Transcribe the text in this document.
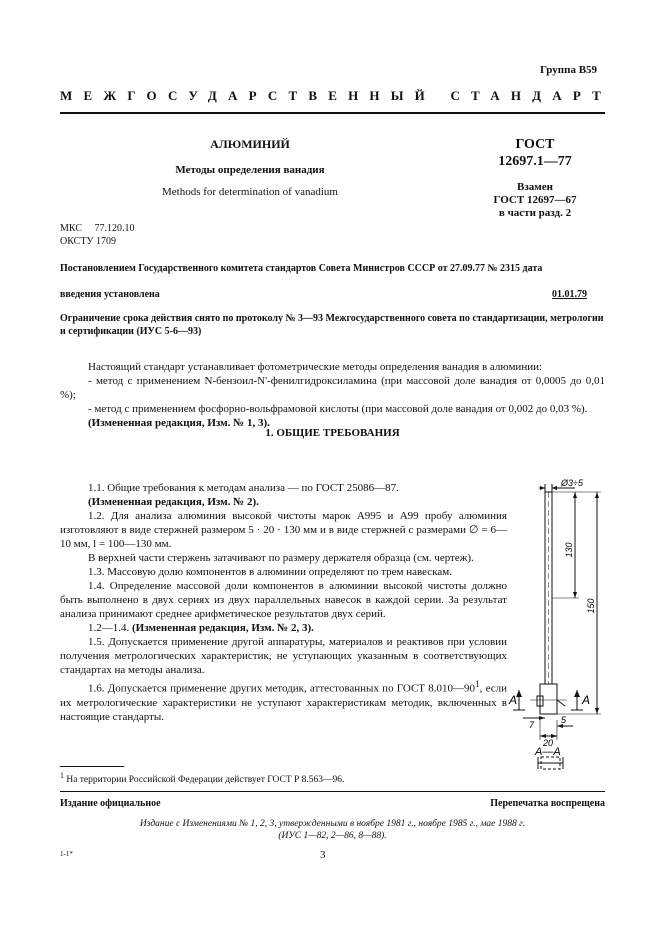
Группа В59
МЕЖГОСУДАРСТВЕННЫЙ СТАНДАРТ
АЛЮМИНИЙ
Методы определения ванадия
Methods for determination of vanadium
ГОСТ
12697.1—77
Взамен
ГОСТ 12697—67
в части разд. 2
МКС 77.120.10
ОКСТУ 1709
Постановлением Государственного комитета стандартов Совета Министров СССР от 27.09.77 № 2315 дата
введения установлена	01.01.79
Ограничение срока действия снято по протоколу № 3—93 Межгосударственного совета по стандартизации, метрологии и сертификации (ИУС 5-6—93)
Настоящий стандарт устанавливает фотометрические методы определения ванадия в алюминии:
- метод с применением N-бензоил-N'-фенилгидроксиламина (при массовой доле ванадия от 0,0005 до 0,01 %);
- метод с применением фосфорно-вольфрамовой кислоты (при массовой доле ванадия от 0,002 до 0,03 %).
(Измененная редакция, Изм. № 1, 3).
1. ОБЩИЕ ТРЕБОВАНИЯ
1.1. Общие требования к методам анализа — по ГОСТ 25086—87.
(Измененная редакция, Изм. № 2).
1.2. Для анализа алюминия высокой чистоты марок А995 и А99 пробу алюминия изготовляют в виде стержней размером 5 · 20 · 130 мм и в виде стержней с размерами ∅ = 6—10 мм, l = 100—130 мм.
В верхней части стержень затачивают по размеру держателя образца (см. чертеж).
1.3. Массовую долю компонентов в алюминии определяют по трем навескам.
1.4. Определение массовой доли компонентов в алюминии высокой чистоты должно быть выполнено в двух сериях из двух параллельных навесок в каждой серии. За результат анализа принимают среднее арифметическое результатов двух серий.
1.2—1.4. (Измененная редакция, Изм. № 2, 3).
1.5. Допускается применение другой аппаратуры, материалов и реактивов при условии получения метрологических характеристик, не уступающих указанным в соответствующих стандартах на методы анализа.
1.6. Допускается применение других методик, аттестованных по ГОСТ $8.010—90^1$, если их метрологические характеристики не уступают характеристикам методик, включенных в настоящие стандарты.
Ø3÷5
130
150
А	А
7	5
20
А—А
$^1$ На территории Российской Федерации действует ГОСТ Р 8.563—96.
Издание официальное	Перепечатка воспрещена
Издание с Изменениями № 1, 2, 3, утвержденными в ноябре 1981 г., ноябре 1985 г., мае 1988 г.
(ИУС 1—82, 2—86, 8—88).
1-1*	3
